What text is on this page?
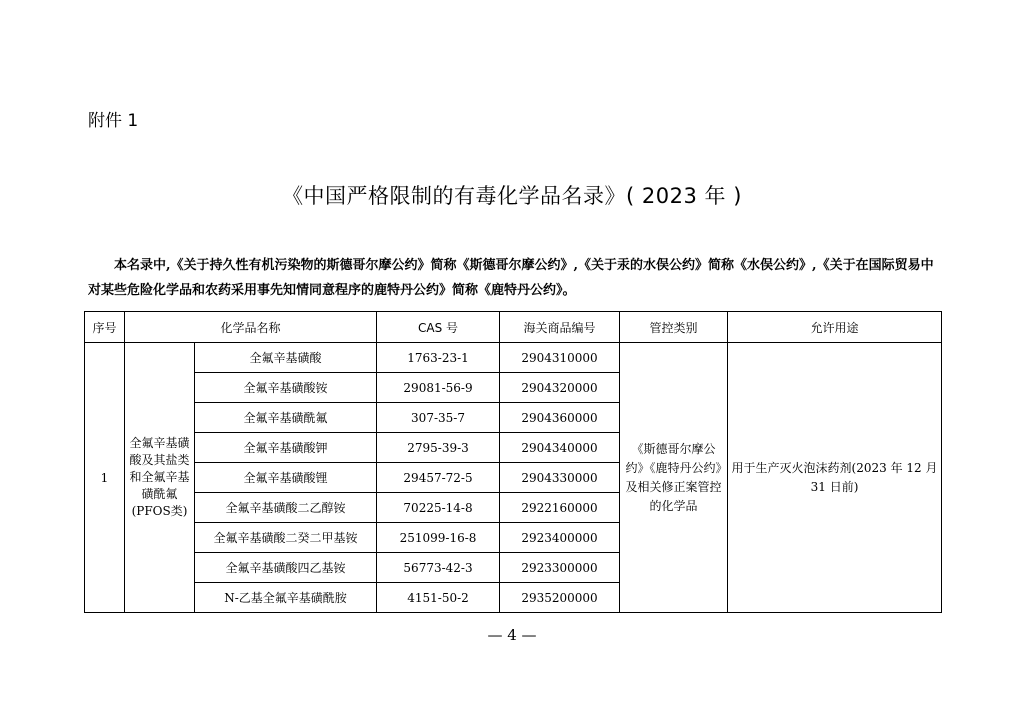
附件 1
《中国严格限制的有毒化学品名录》( 2023 年 )
本名录中,《关于持久性有机污染物的斯德哥尔摩公约》简称《斯德哥尔摩公约》,《关于汞的水俣公约》简称《水俣公约》,《关于在国际贸易中对某些危险化学品和农药采用事先知情同意程序的鹿特丹公约》简称《鹿特丹公约》。
序号	化学品名称		CAS 号	海关商品编号	管控类别	允许用途
1	全氟辛基磺酸及其盐类和全氟辛基磺酰氟(PFOS类)	全氟辛基磺酸	1763-23-1	2904310000	《斯德哥尔摩公约》《鹿特丹公约》及相关修正案管控的化学品	用于生产灭火泡沫药剂(2023 年 12 月 31 日前)
		全氟辛基磺酸铵	29081-56-9	2904320000		
		全氟辛基磺酰氟	307-35-7	2904360000		
		全氟辛基磺酸钾	2795-39-3	2904340000		
		全氟辛基磺酸锂	29457-72-5	2904330000		
		全氟辛基磺酸二乙醇铵	70225-14-8	2922160000		
		全氟辛基磺酸二癸二甲基铵	251099-16-8	2923400000		
		全氟辛基磺酸四乙基铵	56773-42-3	2923300000		
		N-乙基全氟辛基磺酰胺	4151-50-2	2935200000		
— 4 —
